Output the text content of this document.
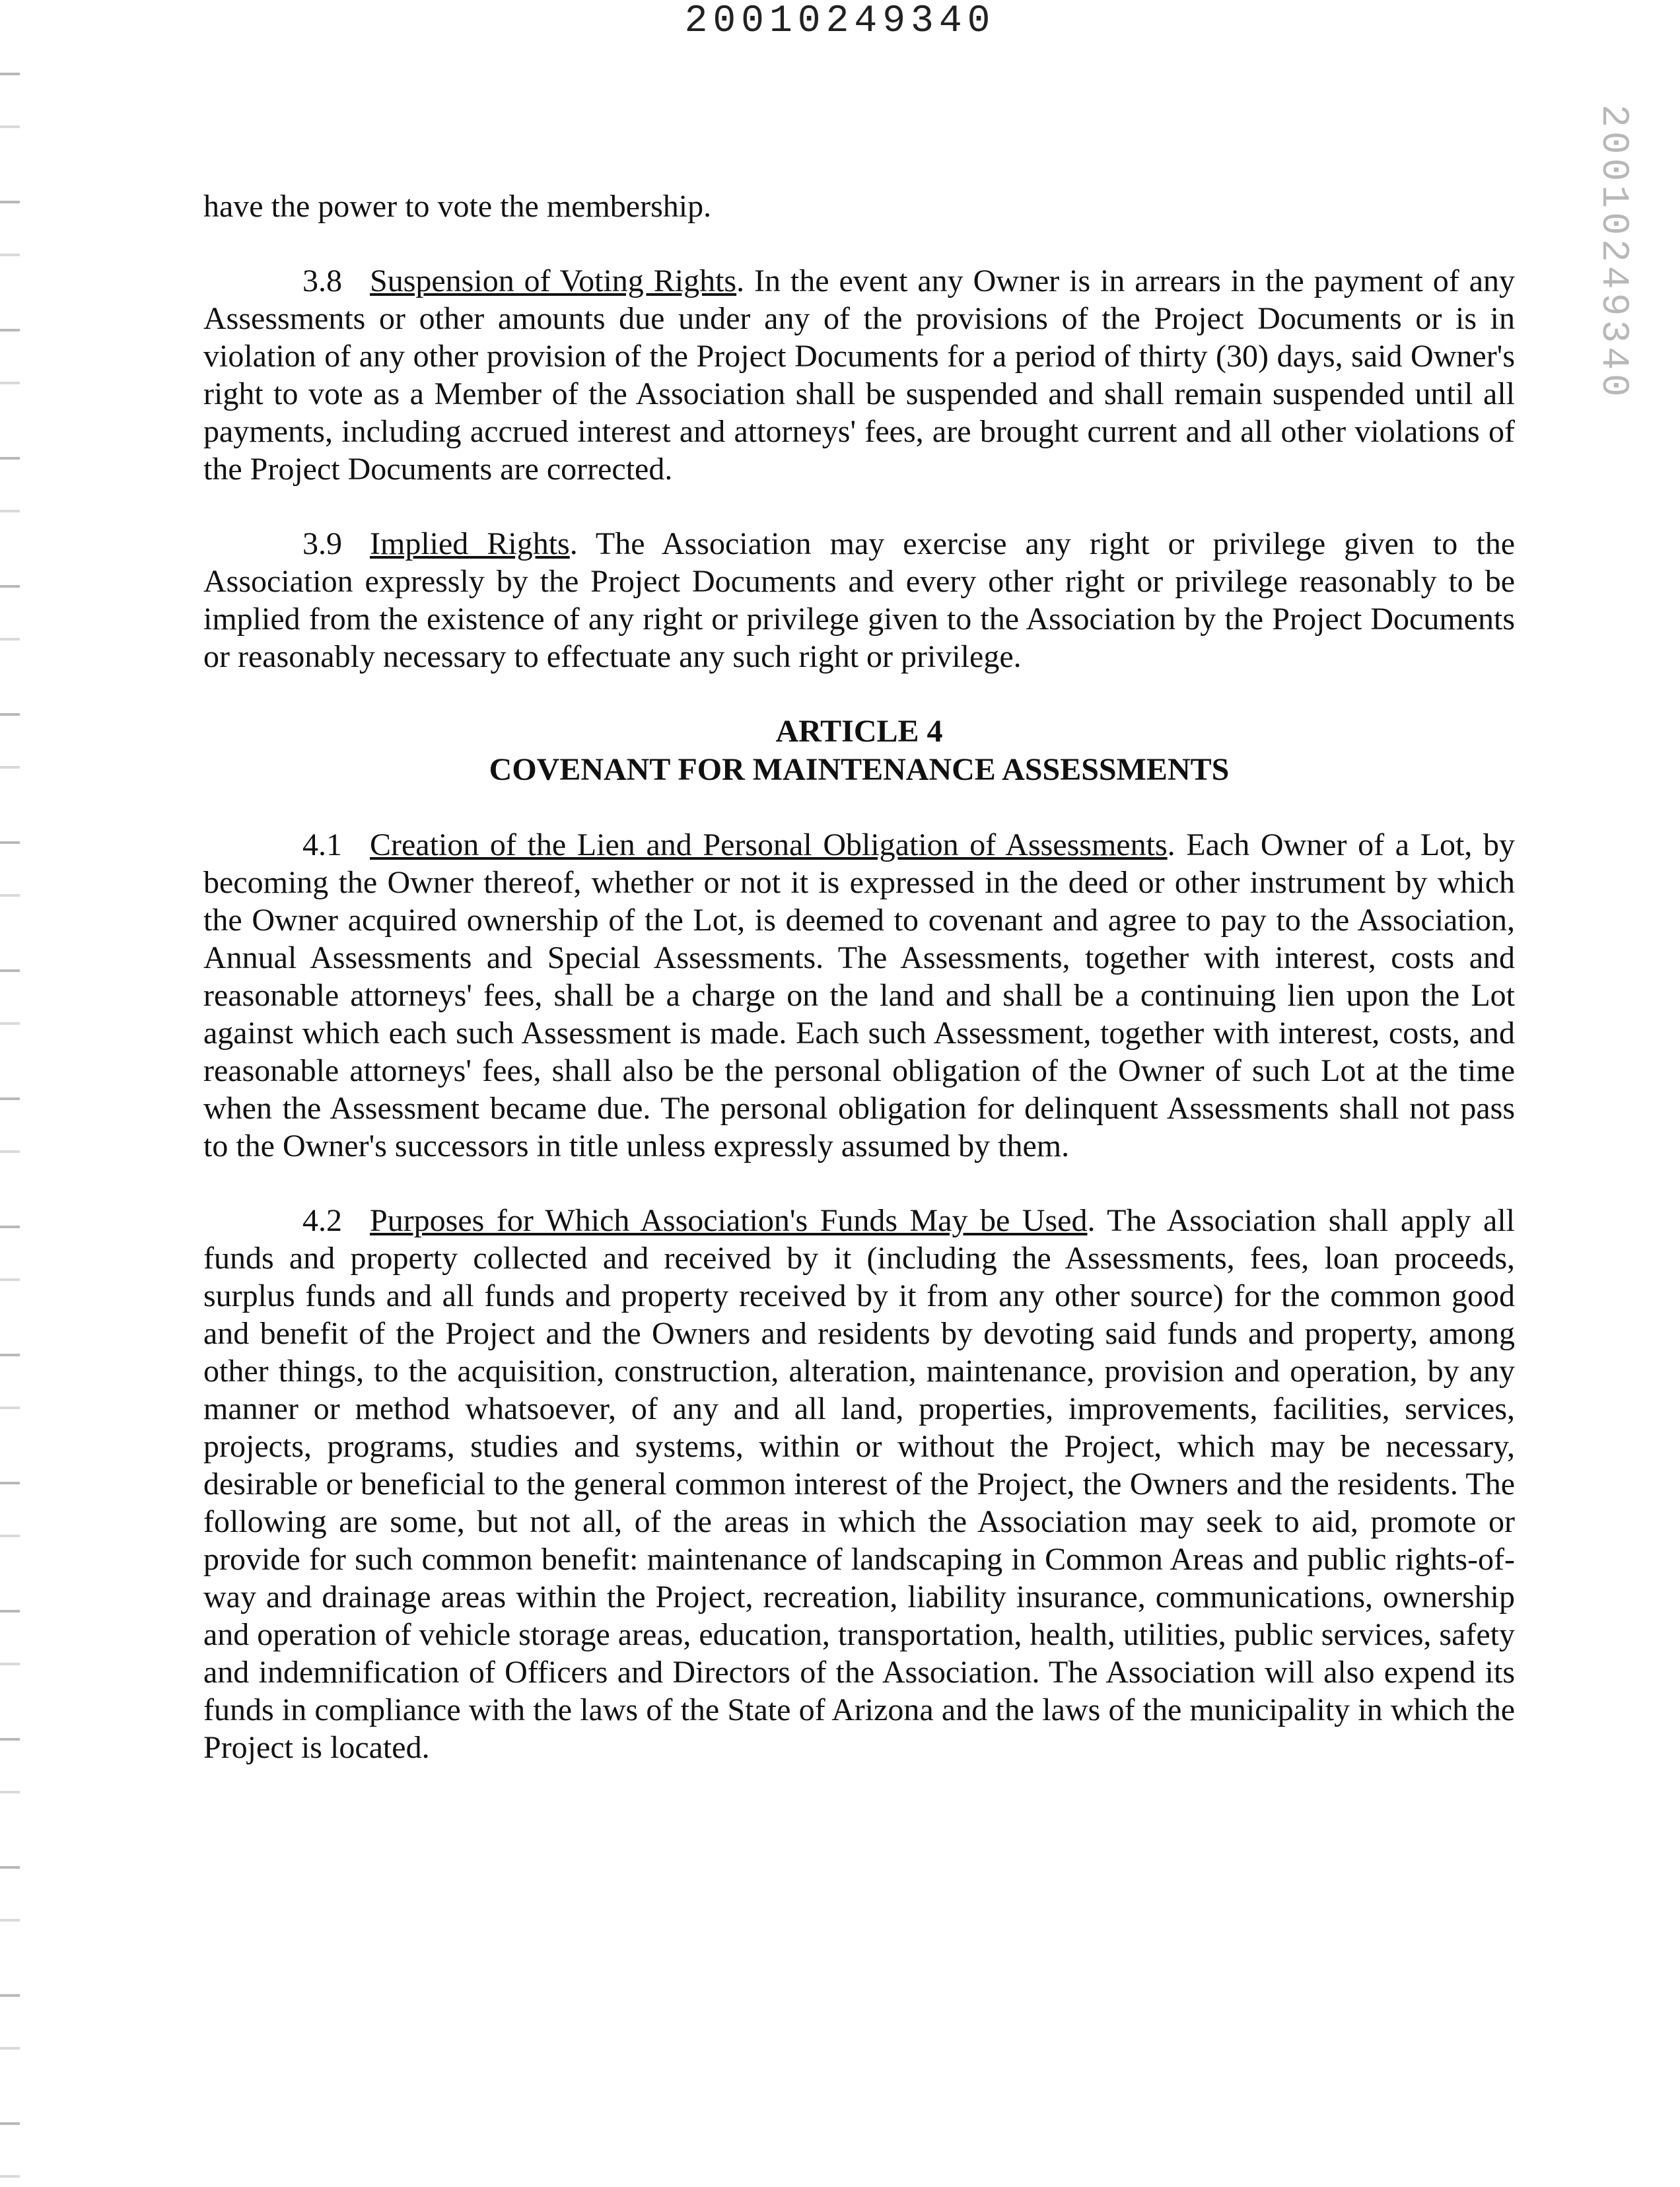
20010249340
20010249340

have the power to vote the membership.

3.8 Suspension of Voting Rights. In the event any Owner is in arrears in the payment of any Assessments or other amounts due under any of the provisions of the Project Documents or is in violation of any other provision of the Project Documents for a period of thirty (30) days, said Owner's right to vote as a Member of the Association shall be suspended and shall remain suspended until all payments, including accrued interest and attorneys' fees, are brought current and all other violations of the Project Documents are corrected.

3.9 Implied Rights. The Association may exercise any right or privilege given to the Association expressly by the Project Documents and every other right or privilege reasonably to be implied from the existence of any right or privilege given to the Association by the Project Documents or reasonably necessary to effectuate any such right or privilege.

ARTICLE 4
COVENANT FOR MAINTENANCE ASSESSMENTS

4.1 Creation of the Lien and Personal Obligation of Assessments. Each Owner of a Lot, by becoming the Owner thereof, whether or not it is expressed in the deed or other instrument by which the Owner acquired ownership of the Lot, is deemed to covenant and agree to pay to the Association, Annual Assessments and Special Assessments. The Assessments, together with interest, costs and reasonable attorneys' fees, shall be a charge on the land and shall be a continuing lien upon the Lot against which each such Assessment is made. Each such Assessment, together with interest, costs, and reasonable attorneys' fees, shall also be the personal obligation of the Owner of such Lot at the time when the Assessment became due. The personal obligation for delinquent Assessments shall not pass to the Owner's successors in title unless expressly assumed by them.

4.2 Purposes for Which Association's Funds May be Used. The Association shall apply all funds and property collected and received by it (including the Assessments, fees, loan proceeds, surplus funds and all funds and property received by it from any other source) for the common good and benefit of the Project and the Owners and residents by devoting said funds and property, among other things, to the acquisition, construction, alteration, maintenance, provision and operation, by any manner or method whatsoever, of any and all land, properties, improvements, facilities, services, projects, programs, studies and systems, within or without the Project, which may be necessary, desirable or beneficial to the general common interest of the Project, the Owners and the residents. The following are some, but not all, of the areas in which the Association may seek to aid, promote or provide for such common benefit: maintenance of landscaping in Common Areas and public rights-of-way and drainage areas within the Project, recreation, liability insurance, communications, ownership and operation of vehicle storage areas, education, transportation, health, utilities, public services, safety and indemnification of Officers and Directors of the Association. The Association will also expend its funds in compliance with the laws of the State of Arizona and the laws of the municipality in which the Project is located.
